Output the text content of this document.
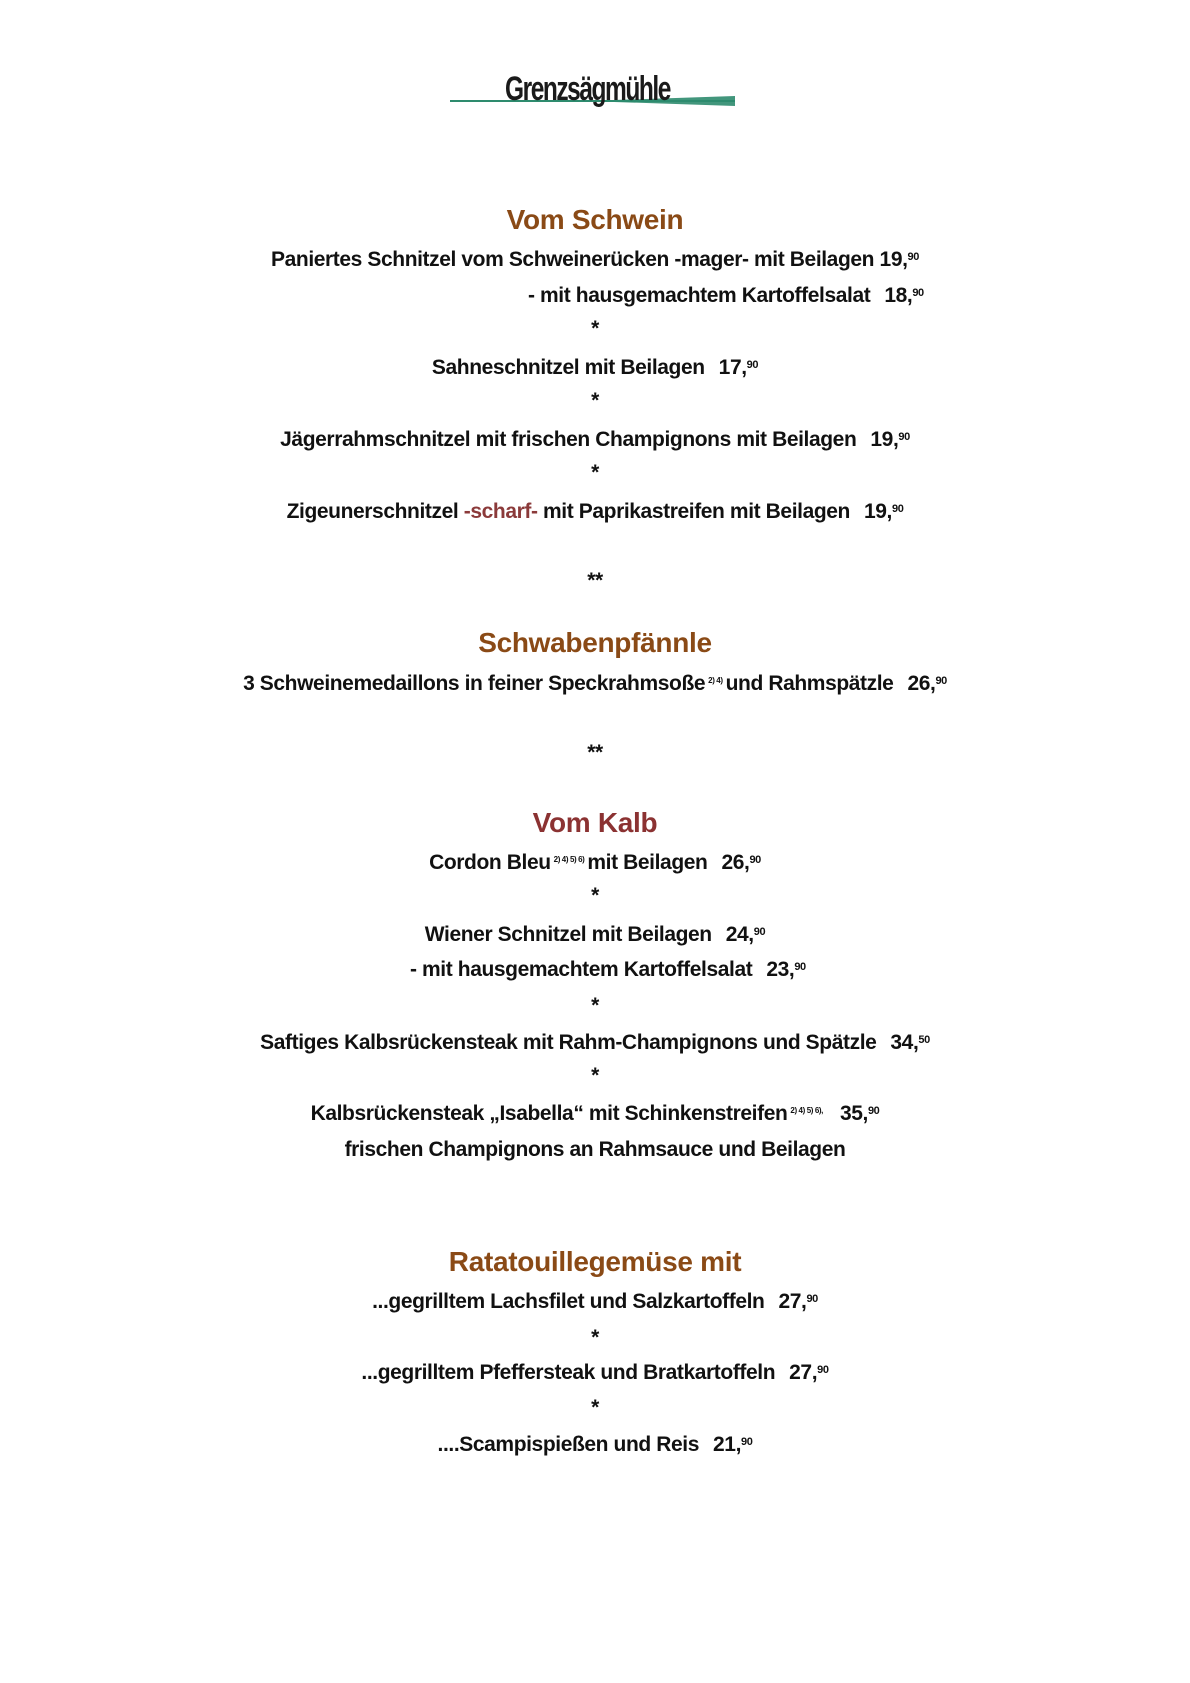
Grenzsägmühle
Vom Schwein
Paniertes Schnitzel vom Schweinerücken -mager- mit Beilagen 19,90
- mit hausgemachtem Kartoffelsalat 18,90
*
Sahneschnitzel mit Beilagen 17,90
*
Jägerrahmschnitzel mit frischen Champignons mit Beilagen 19,90
*
Zigeunerschnitzel -scharf- mit Paprikastreifen mit Beilagen 19,90
**
Schwabenpfännle
3 Schweinemedaillons in feiner Speckrahmsoße 2) 4) und Rahmspätzle 26,90
**
Vom Kalb
Cordon Bleu 2) 4) 5) 6) mit Beilagen 26,90
*
Wiener Schnitzel mit Beilagen 24,90
- mit hausgemachtem Kartoffelsalat 23,90
*
Saftiges Kalbsrückensteak mit Rahm-Champignons und Spätzle 34,50
*
Kalbsrückensteak „Isabella“ mit Schinkenstreifen 2) 4) 5) 6), 35,90
frischen Champignons an Rahmsauce und Beilagen
Ratatouillegemüse mit
...gegrilltem Lachsfilet und Salzkartoffeln 27,90
*
...gegrilltem Pfeffersteak und Bratkartoffeln 27,90
*
....Scampispießen und Reis 21,90
